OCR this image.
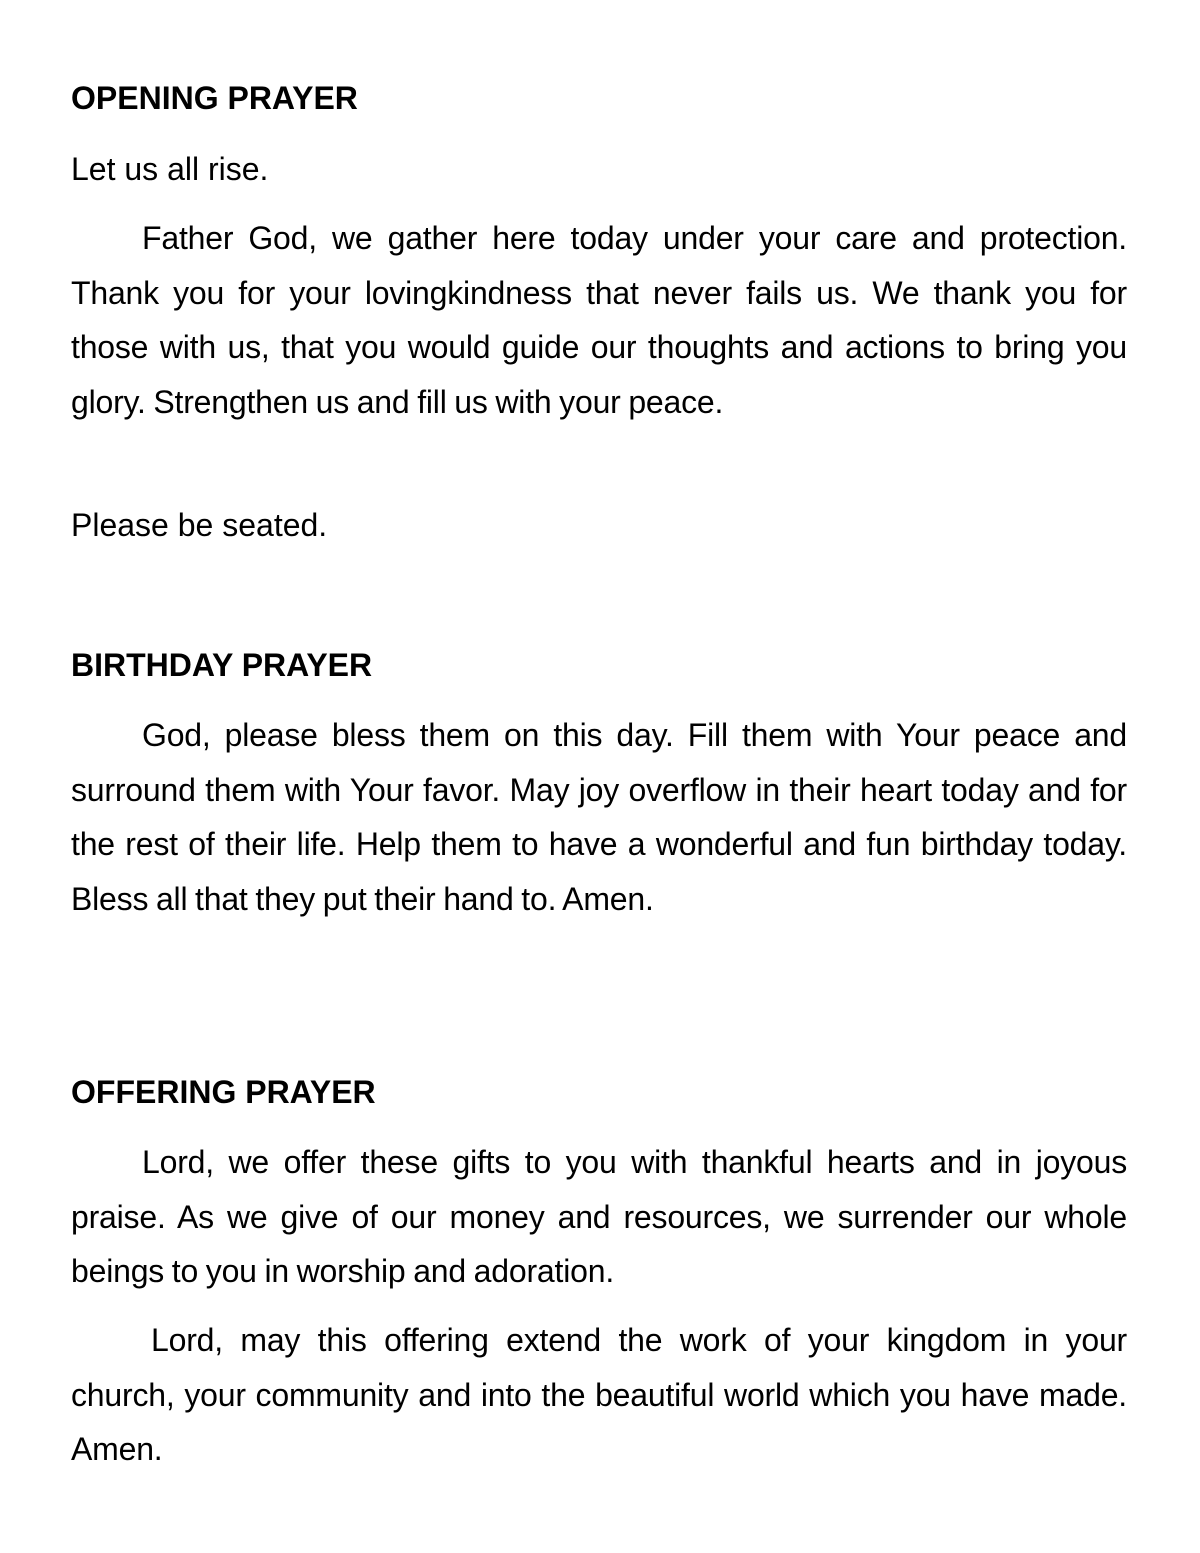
OPENING PRAYER
Let us all rise.
Father God, we gather here today under your care and protection. Thank you for your lovingkindness that never fails us. We thank you for those with us, that you would guide our thoughts and actions to bring you glory. Strengthen us and fill us with your peace.
Please be seated.
BIRTHDAY PRAYER
God, please bless them on this day. Fill them with Your peace and surround them with Your favor. May joy overflow in their heart today and for the rest of their life. Help them to have a wonderful and fun birthday today. Bless all that they put their hand to. Amen.
OFFERING PRAYER
Lord, we offer these gifts to you with thankful hearts and in joyous praise. As we give of our money and resources, we surrender our whole beings to you in worship and adoration.
Lord, may this offering extend the work of your kingdom in your church, your community and into the beautiful world which you have made. Amen.
